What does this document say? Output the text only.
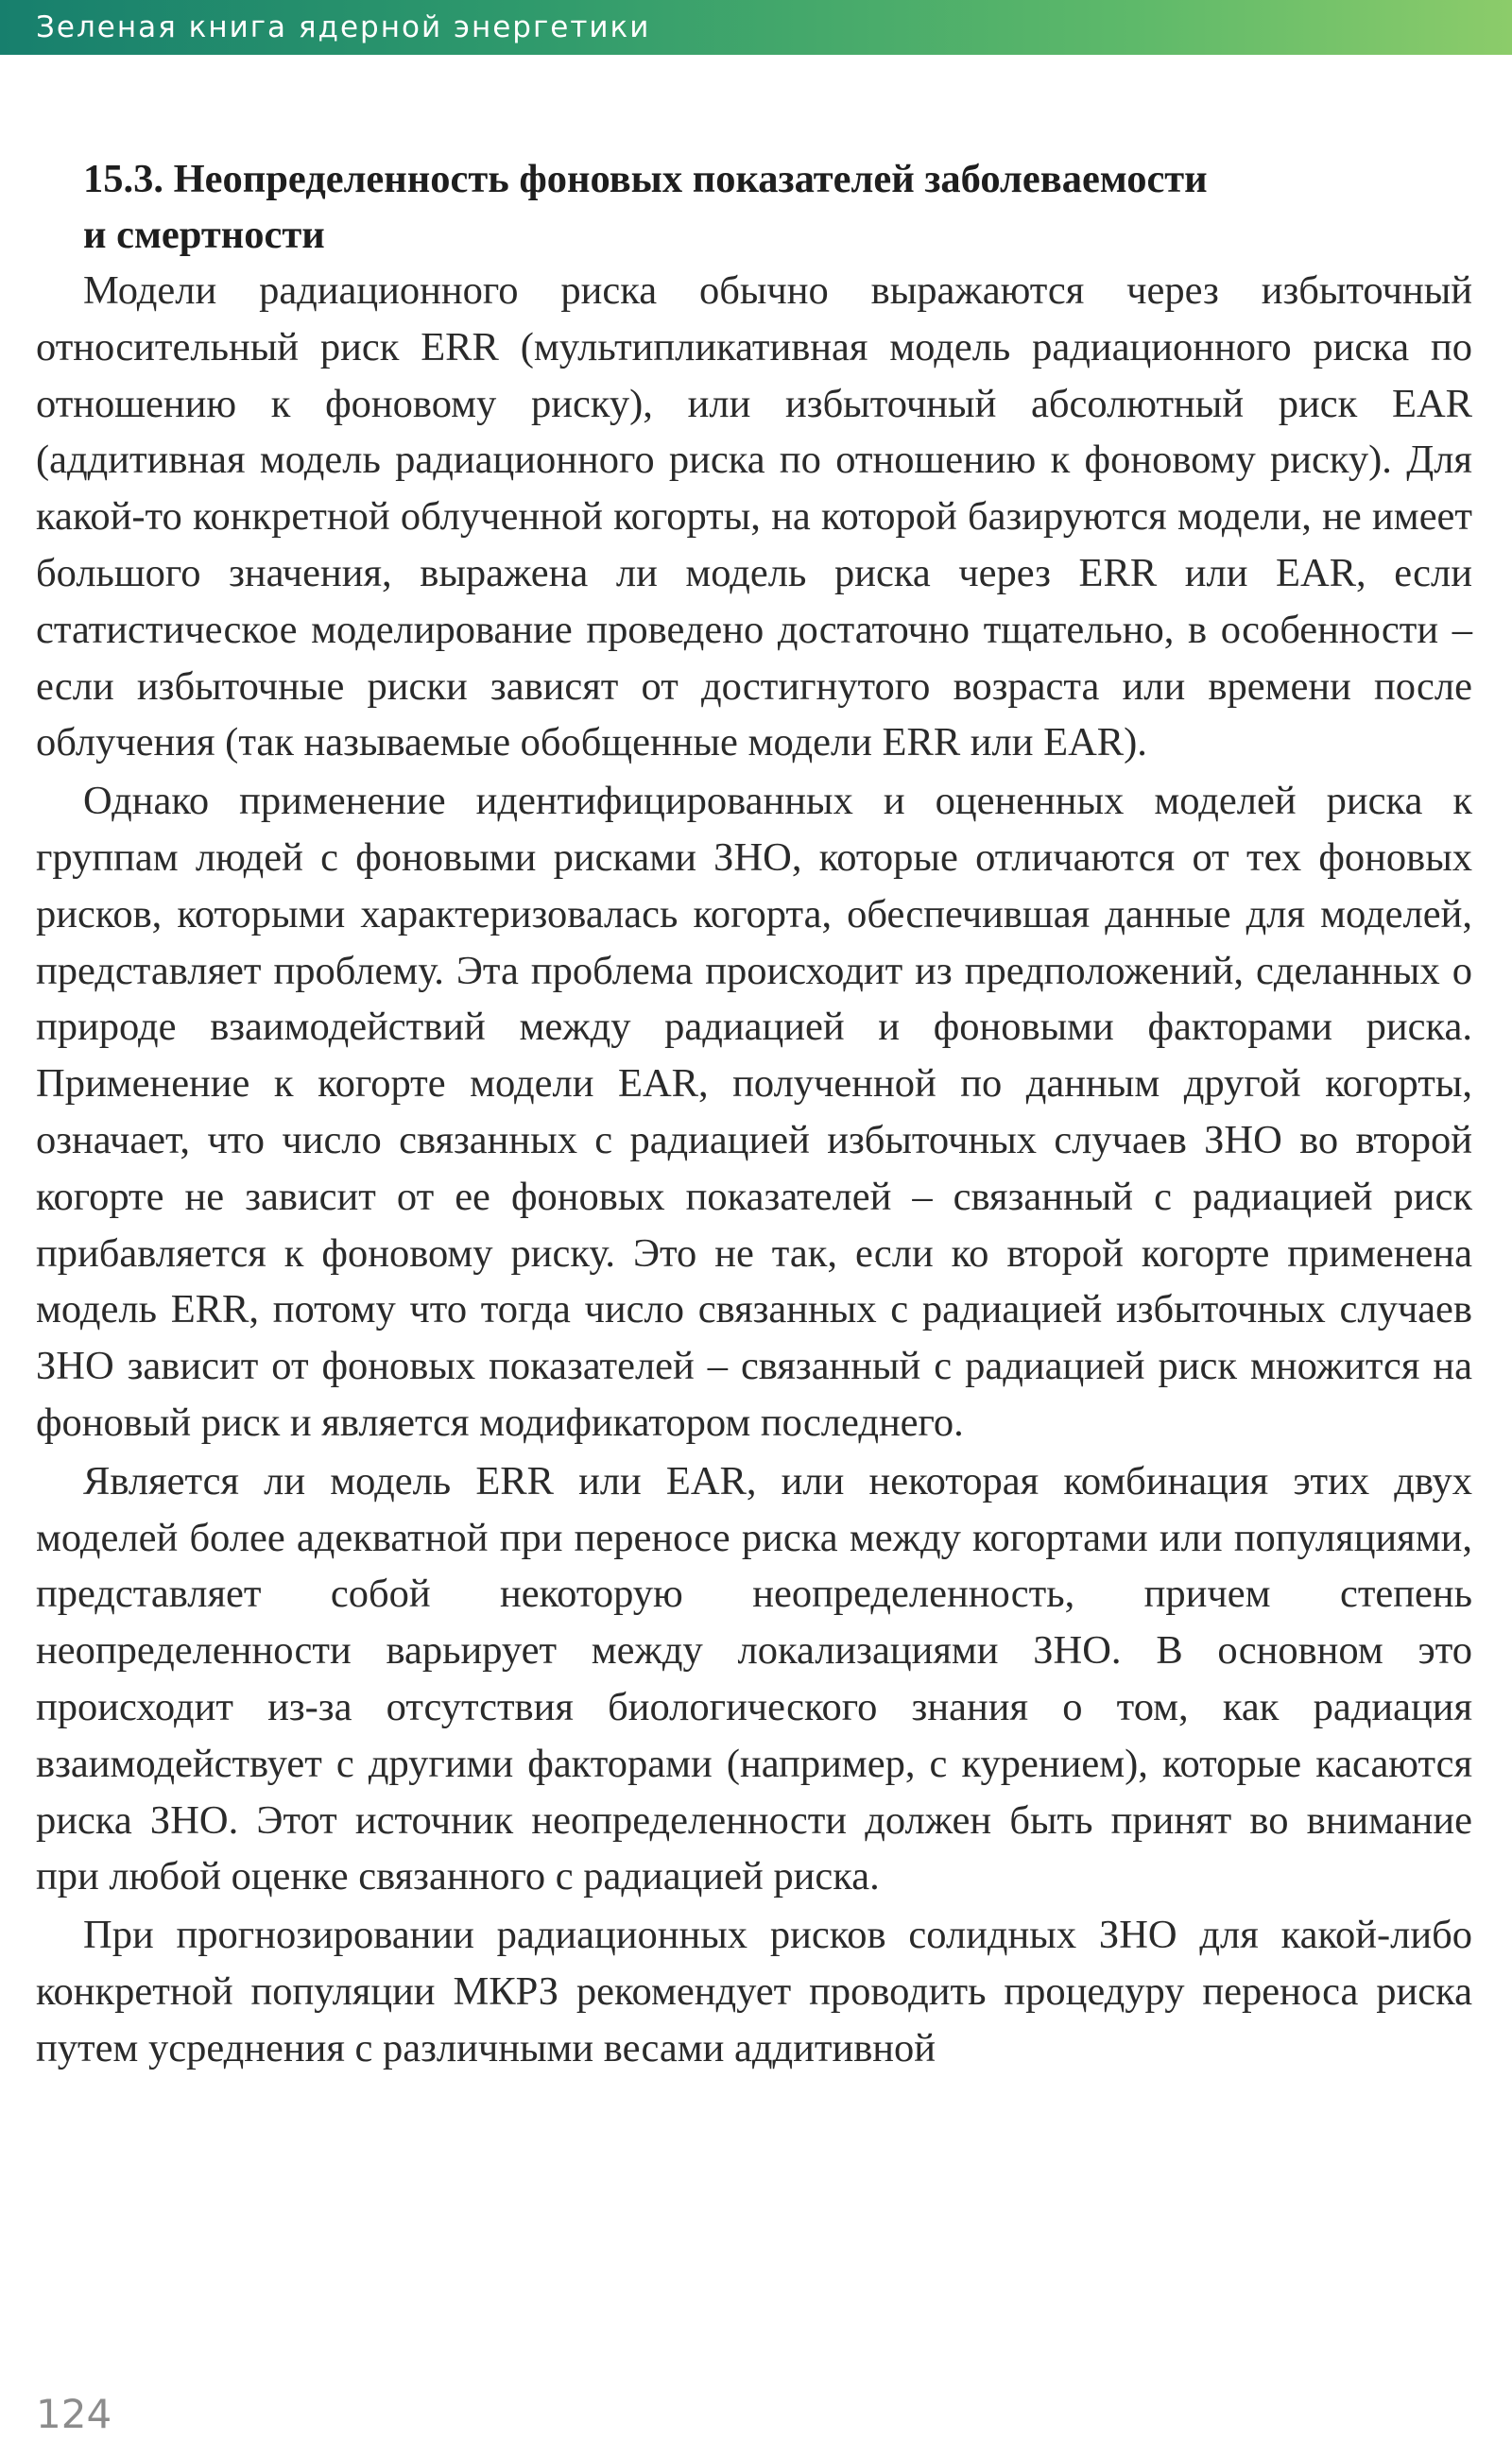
Зеленая книга ядерной энергетики
15.3. Неопределенность фоновых показателей заболеваемости
и смертности

Модели радиационного риска обычно выражаются через избыточный относительный риск ERR (мультипликативная модель радиационного риска по отношению к фоновому риску), или избыточный абсолютный риск EAR (аддитивная модель радиационного риска по отношению к фоновому риску). Для какой-то конкретной облученной когорты, на которой базируются модели, не имеет большого значения, выражена ли модель риска через ERR или EAR, если статистическое моделирование проведено достаточно тщательно, в особенности – если избыточные риски зависят от достигнутого возраста или времени после облучения (так называемые обобщенные модели ERR или EAR).

Однако применение идентифицированных и оцененных моделей риска к группам людей с фоновыми рисками ЗНО, которые отличаются от тех фоновых рисков, которыми характеризовалась когорта, обеспечившая данные для моделей, представляет проблему. Эта проблема происходит из предположений, сделанных о природе взаимодействий между радиацией и фоновыми факторами риска. Применение к когорте модели EAR, полученной по данным другой когорты, означает, что число связанных с радиацией избыточных случаев ЗНО во второй когорте не зависит от ее фоновых показателей – связанный с радиацией риск прибавляется к фоновому риску. Это не так, если ко второй когорте применена модель ERR, потому что тогда число связанных с радиацией избыточных случаев ЗНО зависит от фоновых показателей – связанный с радиацией риск множится на фоновый риск и является модификатором последнего.

Является ли модель ERR или EAR, или некоторая комбинация этих двух моделей более адекватной при переносе риска между когортами или популяциями, представляет собой некоторую неопределенность, причем степень неопределенности варьирует между локализациями ЗНО. В основном это происходит из-за отсутствия биологического знания о том, как радиация взаимодействует с другими факторами (например, с курением), которые касаются риска ЗНО. Этот источник неопределенности должен быть принят во внимание при любой оценке связанного с радиацией риска.

При прогнозировании радиационных рисков солидных ЗНО для какой-либо конкретной популяции МКРЗ рекомендует проводить процедуру переноса риска путем усреднения с различными весами аддитивной

124
